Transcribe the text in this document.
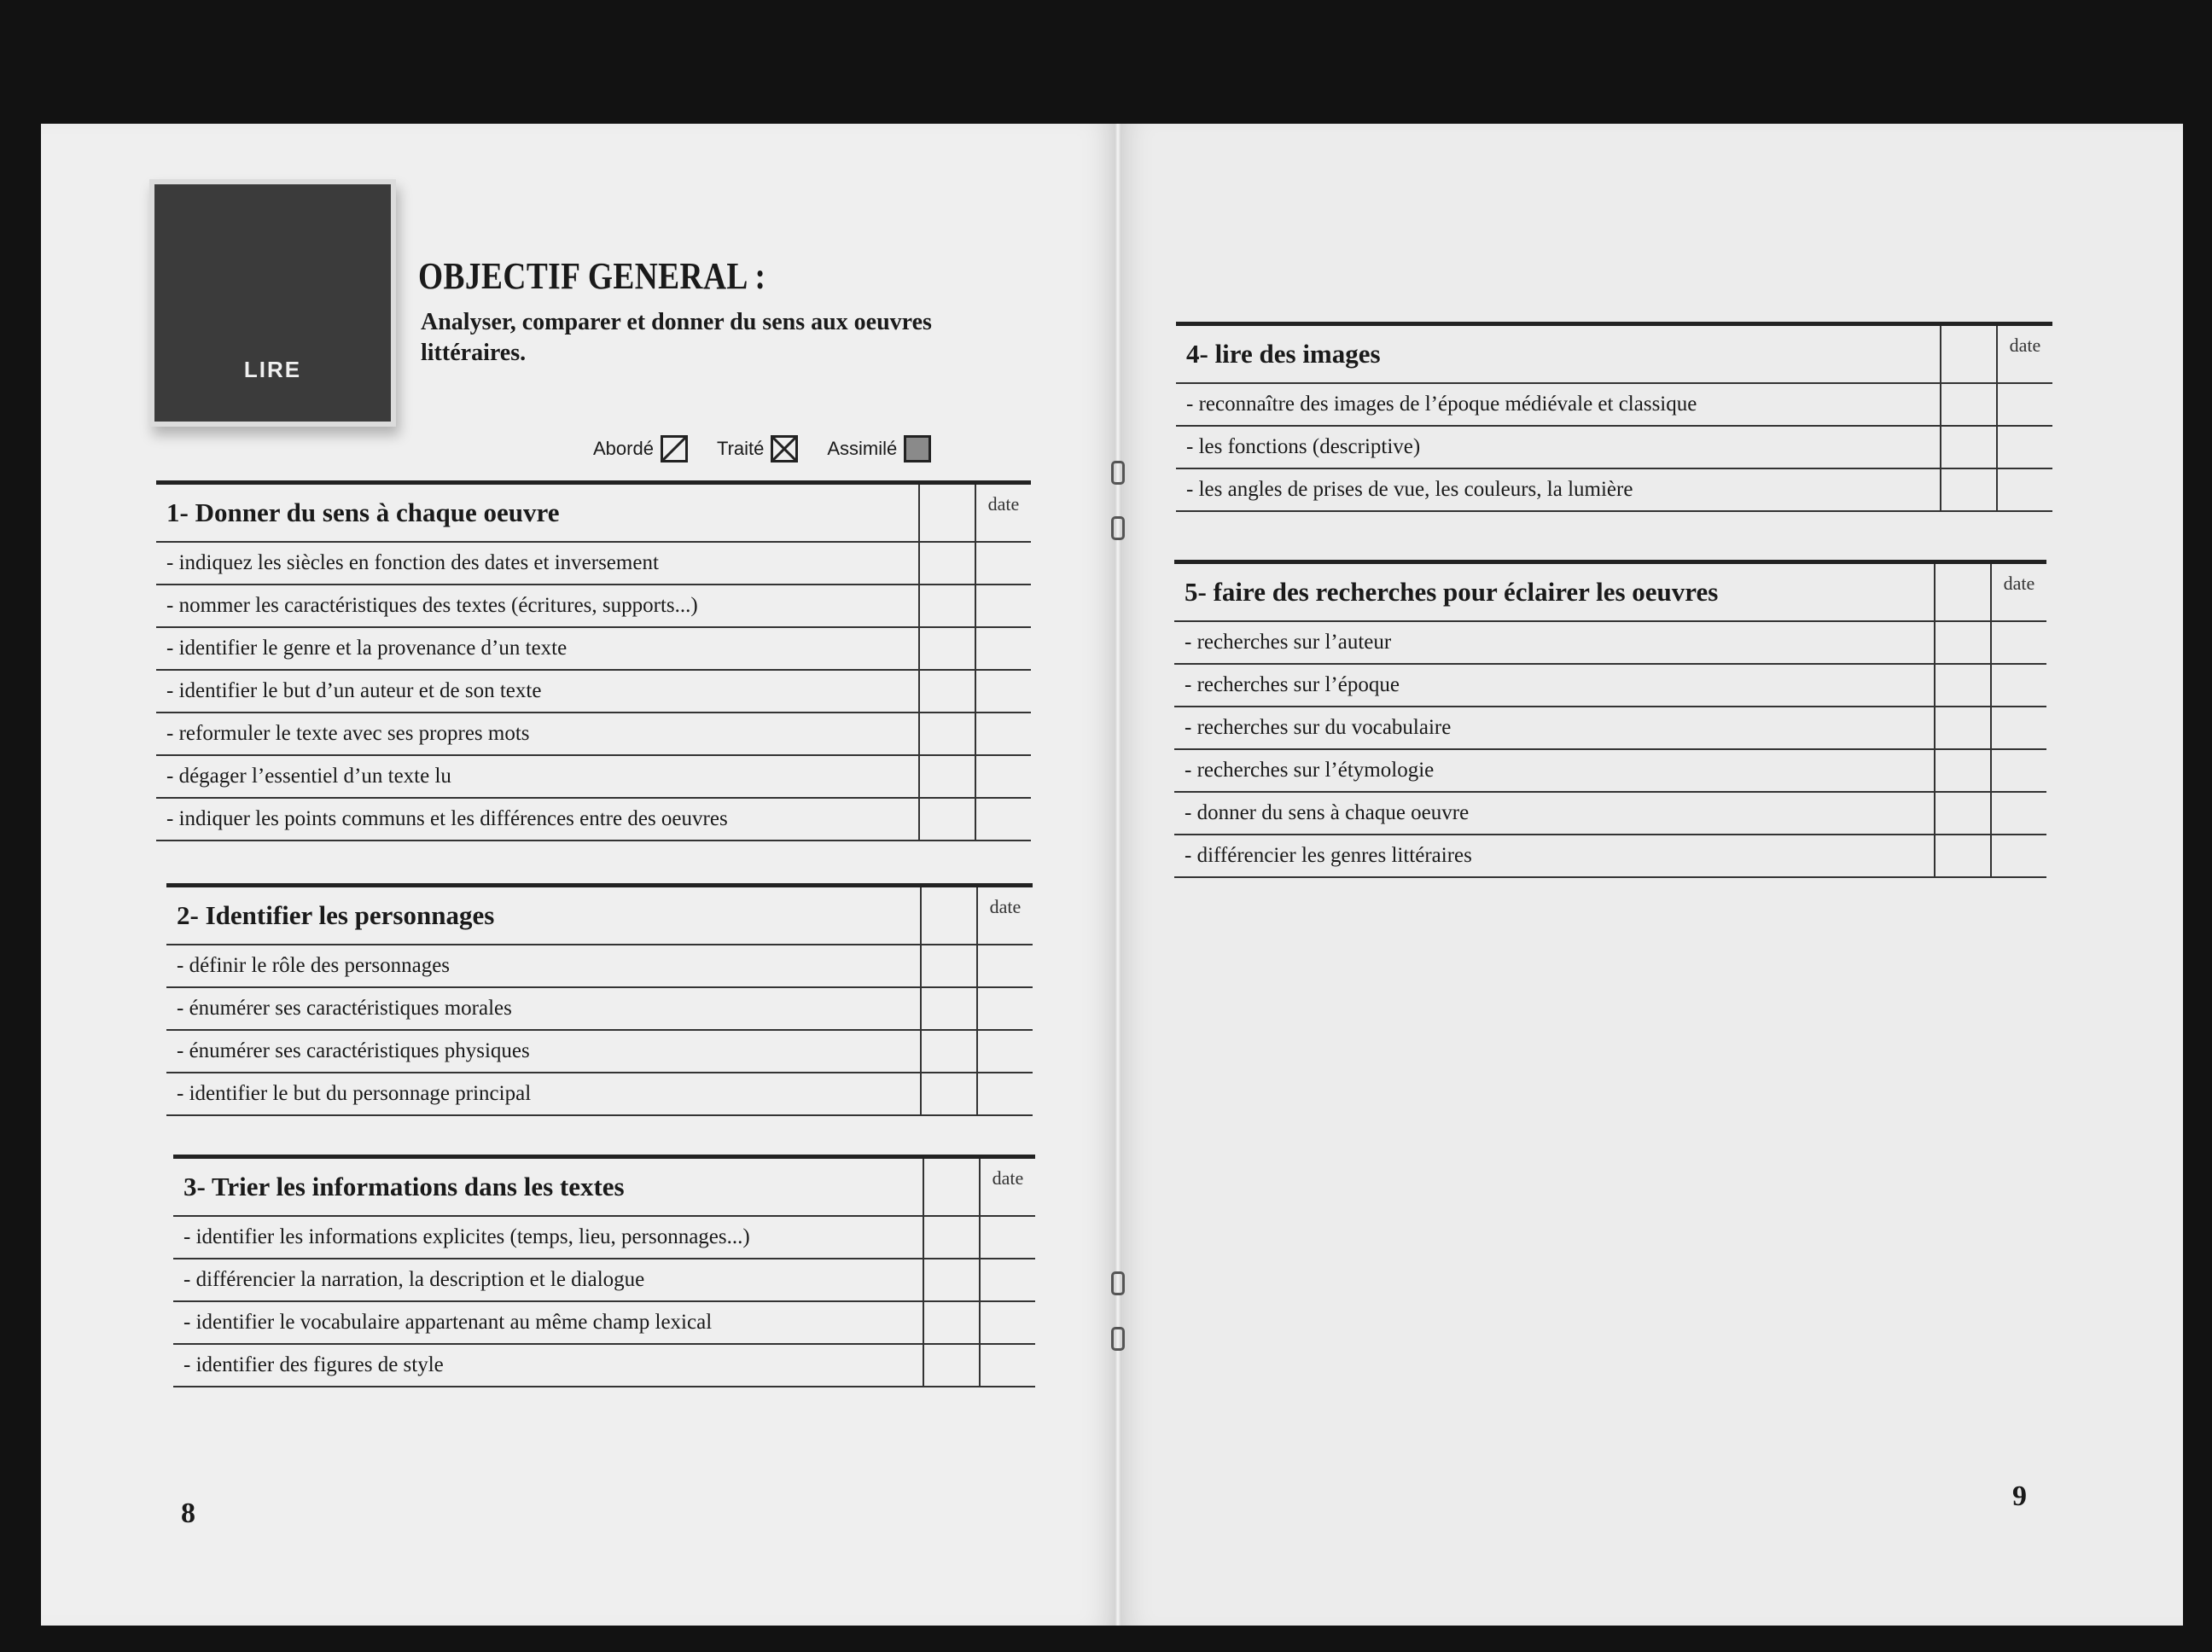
LIRE
OBJECTIF GENERAL :
Analyser, comparer et donner du sens aux oeuvres littéraires.
Abordé	Traité	Assimilé
1- Donner du sens à chaque oeuvre		date
- indiquez les siècles en fonction des dates et inversement		
- nommer les caractéristiques des textes (écritures, supports...)		
- identifier le genre et la provenance d’un texte		
- identifier le but d’un auteur et de son texte		
- reformuler le texte avec ses propres mots		
- dégager l’essentiel d’un texte lu		
- indiquer les points communs et les différences entre des oeuvres		
2- Identifier les personnages		date
- définir le rôle des personnages		
- énumérer ses caractéristiques morales		
- énumérer ses caractéristiques physiques		
- identifier le but du personnage principal		
3- Trier les informations dans les textes		date
- identifier les informations explicites (temps, lieu, personnages...)		
- différencier la narration, la description et le dialogue		
- identifier le vocabulaire appartenant au même champ lexical		
- identifier des figures de style		
8
4- lire des images		date
- reconnaître des images de l’époque médiévale et classique		
- les fonctions (descriptive)		
- les angles de prises de vue, les couleurs, la lumière		
5- faire des recherches pour éclairer les oeuvres		date
- recherches sur l’auteur		
- recherches sur l’époque		
- recherches sur du vocabulaire		
- recherches sur l’étymologie		
- donner du sens à chaque oeuvre		
- différencier les genres littéraires		
9
